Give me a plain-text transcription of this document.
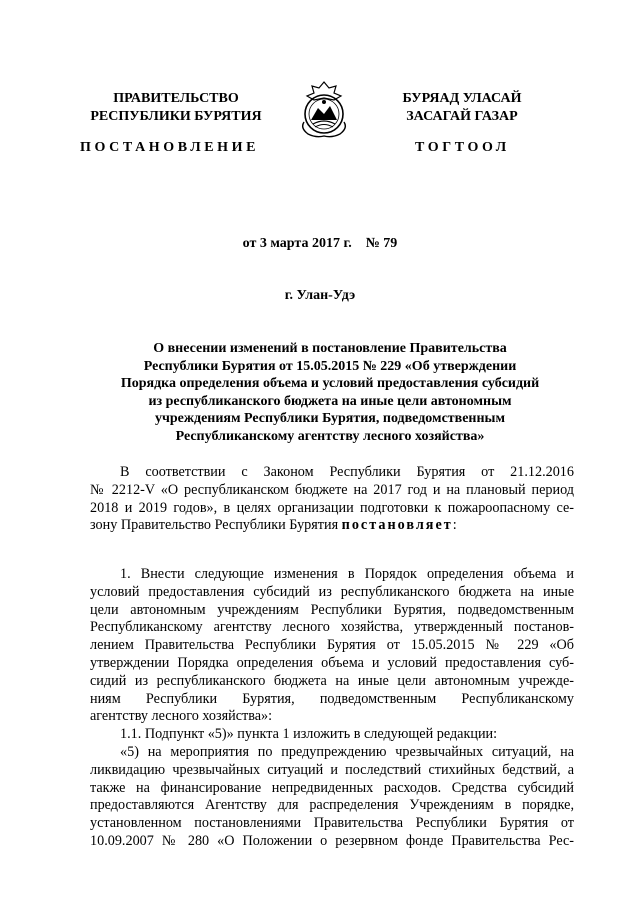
ПРАВИТЕЛЬСТВО
РЕСПУБЛИКИ БУРЯТИЯ
БУРЯАД УЛАСАЙ
ЗАСАГАЙ ГАЗАР
ПОСТАНОВЛЕНИЕ	ТОГТООЛ
от 3 марта 2017 г. № 79
г. Улан-Удэ
О внесении изменений в постановление Правительства
Республики Бурятия от 15.05.2015 № 229 «Об утверждении
Порядка определения объема и условий предоставления субсидий
из республиканского бюджета на иные цели автономным
учреждениям Республики Бурятия, подведомственным
Республиканскому агентству лесного хозяйства»
В соответствии с Законом Республики Бурятия от 21.12.2016
№ 2212-V «О республиканском бюджете на 2017 год и на плановый период
2018 и 2019 годов», в целях организации подготовки к пожароопасному се-
зону Правительство Республики Бурятия постановляет:
1. Внести следующие изменения в Порядок определения объема и
условий предоставления субсидий из республиканского бюджета на иные
цели автономным учреждениям Республики Бурятия, подведомственным
Республиканскому агентству лесного хозяйства, утвержденный постанов-
лением Правительства Республики Бурятия от 15.05.2015 № 229 «Об
утверждении Порядка определения объема и условий предоставления суб-
сидий из республиканского бюджета на иные цели автономным учрежде-
ниям Республики Бурятия, подведомственным Республиканскому
агентству лесного хозяйства»:
1.1. Подпункт «5)» пункта 1 изложить в следующей редакции:
«5) на мероприятия по предупреждению чрезвычайных ситуаций, на
ликвидацию чрезвычайных ситуаций и последствий стихийных бедствий, а
также на финансирование непредвиденных расходов. Средства субсидий
предоставляются Агентству для распределения Учреждениям в порядке,
установленном постановлениями Правительства Республики Бурятия от
10.09.2007 № 280 «О Положении о резервном фонде Правительства Рес-
